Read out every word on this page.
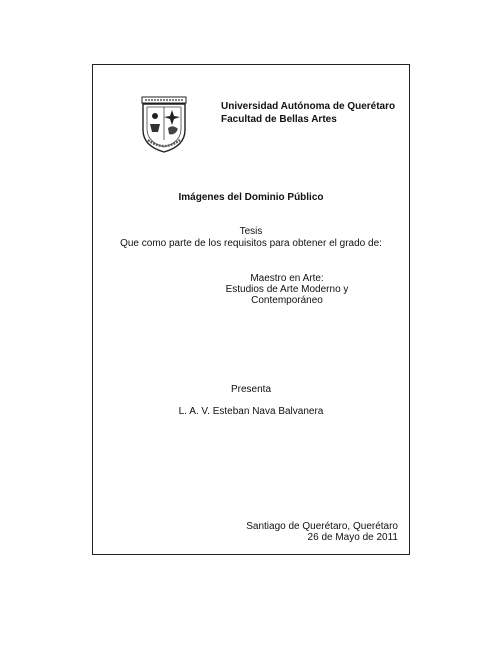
Universidad Autónoma de Querétaro
Facultad de Bellas Artes
Imágenes del Dominio Público
Tesis
Que como parte de los requisitos para obtener el grado de:
Maestro en Arte:
Estudios de Arte Moderno y
Contemporáneo
Presenta
L. A. V. Esteban Nava Balvanera
Santiago de Querétaro, Querétaro
26 de Mayo de 2011
